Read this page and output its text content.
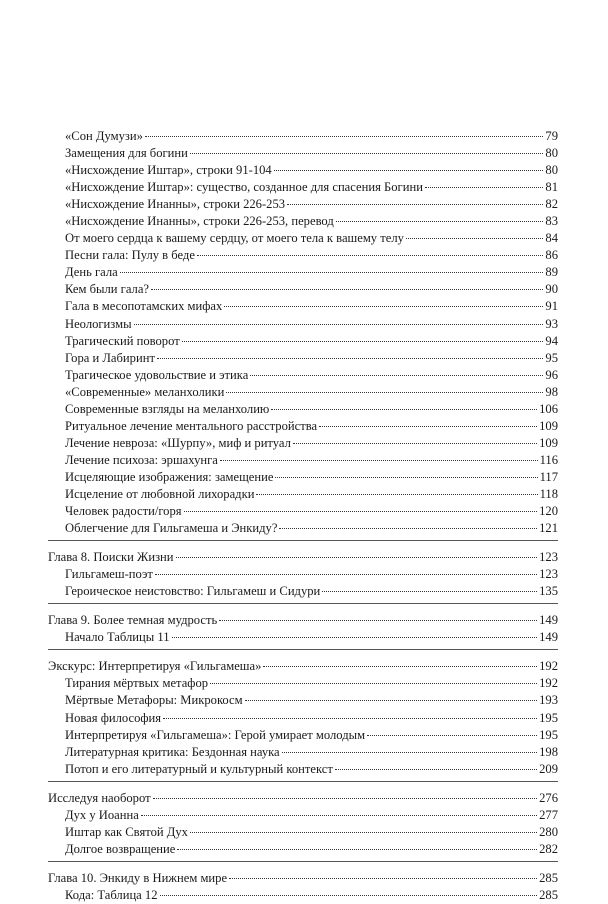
«Сон Думузи»	79
Замещения для богини	80
«Нисхождение Иштар», строки 91-104	80
«Нисхождение Иштар»: существо, созданное для спасения Богини	81
«Нисхождение Инанны», строки 226-253	82
«Нисхождение Инанны», строки 226-253, перевод	83
От моего сердца к вашему сердцу, от моего тела к вашему телу	84
Песни гала: Пулу в беде	86
День гала	89
Кем были гала?	90
Гала в месопотамских мифах	91
Неологизмы	93
Трагический поворот	94
Гора и Лабиринт	95
Трагическое удовольствие и этика	96
«Современные» меланхолики	98
Современные взгляды на меланхолию	106
Ритуальное лечение ментального расстройства	109
Лечение невроза: «Шурпу», миф и ритуал	109
Лечение психоза: эршахунга	116
Исцеляющие изображения: замещение	117
Исцеление от любовной лихорадки	118
Человек радости/горя	120
Облегчение для Гильгамеша и Энкиду?	121
Глава 8. Поиски Жизни	123
Гильгамеш-поэт	123
Героическое неистовство: Гильгамеш и Сидури	135
Глава 9. Более темная мудрость	149
Начало Таблицы 11	149
Экскурс: Интерпретируя «Гильгамеша»	192
Тирания мёртвых метафор	192
Мёртвые Метафоры: Микрокосм	193
Новая философия	195
Интерпретируя «Гильгамеша»: Герой умирает молодым	195
Литературная критика: Бездонная наука	198
Потоп и его литературный и культурный контекст	209
Исследуя наоборот	276
Дух у Иоанна	277
Иштар как Святой Дух	280
Долгое возвращение	282
Глава 10. Энкиду в Нижнем мире	285
Кода: Таблица 12	285
